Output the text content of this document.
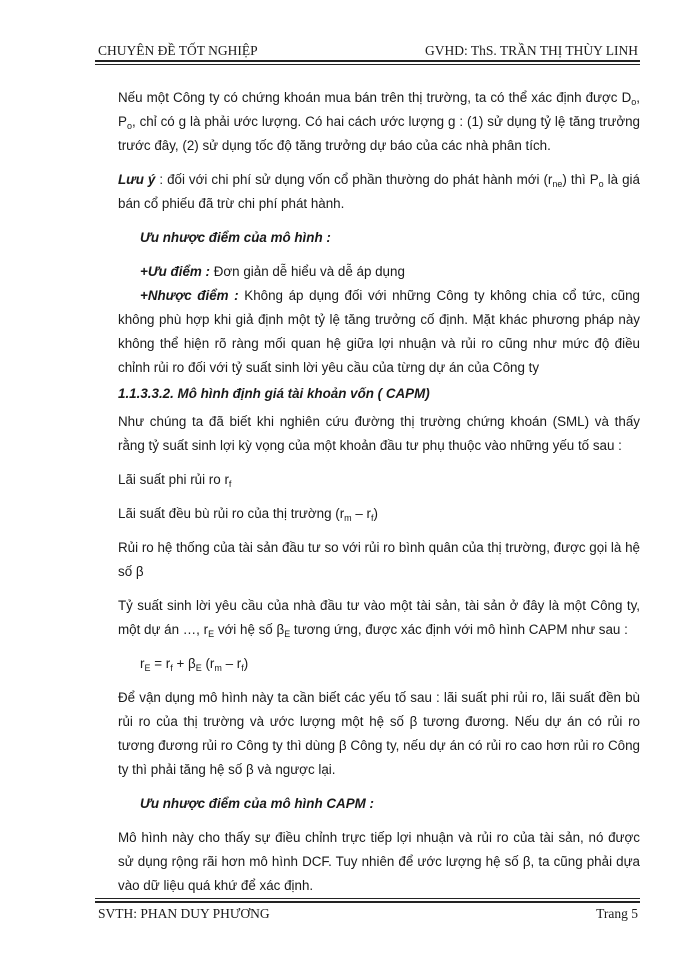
CHUYÊN ĐỀ TỐT NGHIỆP	GVHD: ThS. TRẦN THỊ THÙY LINH

Nếu một Công ty có chứng khoán mua bán trên thị trường, ta có thể xác định được $D_o$, $P_o$, chỉ có g là phải ước lượng. Có hai cách ước lượng g : (1) sử dụng tỷ lệ tăng trưởng trước đây, (2) sử dụng tốc độ tăng trưởng dự báo của các nhà phân tích.

Lưu ý : đối với chi phí sử dụng vốn cổ phần thường do phát hành mới $(r_{ne})$ thì $P_o$ là giá bán cổ phiếu đã trừ chi phí phát hành.

Ưu nhược điểm của mô hình :

+Ưu điểm : Đơn giản dễ hiểu và dễ áp dụng

+Nhược điểm : Không áp dụng đối với những Công ty không chia cổ tức, cũng không phù hợp khi giả định một tỷ lệ tăng trưởng cố định. Mặt khác phương pháp này không thể hiện rõ ràng mối quan hệ giữa lợi nhuận và rủi ro cũng như mức độ điều chỉnh rủi ro đối với tỷ suất sinh lời yêu cầu của từng dự án của Công ty

1.1.3.3.2. Mô hình định giá tài khoản vốn ( CAPM)

Như chúng ta đã biết khi nghiên cứu đường thị trường chứng khoán (SML) và thấy rằng tỷ suất sinh lợi kỳ vọng của một khoản đầu tư phụ thuộc vào những yếu tố sau :

Lãi suất phi rủi ro $r_f$

Lãi suất đều bù rủi ro của thị trường $(r_m - r_f)$

Rủi ro hệ thống của tài sản đầu tư so với rủi ro bình quân của thị trường, được gọi là hệ số β

Tỷ suất sinh lời yêu cầu của nhà đầu tư vào một tài sản, tài sản ở đây là một Công ty, một dự án …, $r_E$ với hệ số $\beta_E$ tương ứng, được xác định với mô hình CAPM như sau :

$r_E = r_f + \beta_E$ $(r_m - r_f)$

Để vận dụng mô hình này ta cần biết các yếu tố sau : lãi suất phi rủi ro, lãi suất đền bù rủi ro của thị trường và ước lượng một hệ số β tương đương. Nếu dự án có rủi ro tương đương rủi ro Công ty thì dùng β Công ty, nếu dự án có rủi ro cao hơn rủi ro Công ty thì phải tăng hệ số β và ngược lại.

Ưu nhược điểm của mô hình CAPM :

Mô hình này cho thấy sự điều chỉnh trực tiếp lợi nhuận và rủi ro của tài sản, nó được sử dụng rộng rãi hơn mô hình DCF. Tuy nhiên để ước lượng hệ số β, ta cũng phải dựa vào dữ liệu quá khứ để xác định.

SVTH: PHAN DUY PHƯƠNG	Trang 5
